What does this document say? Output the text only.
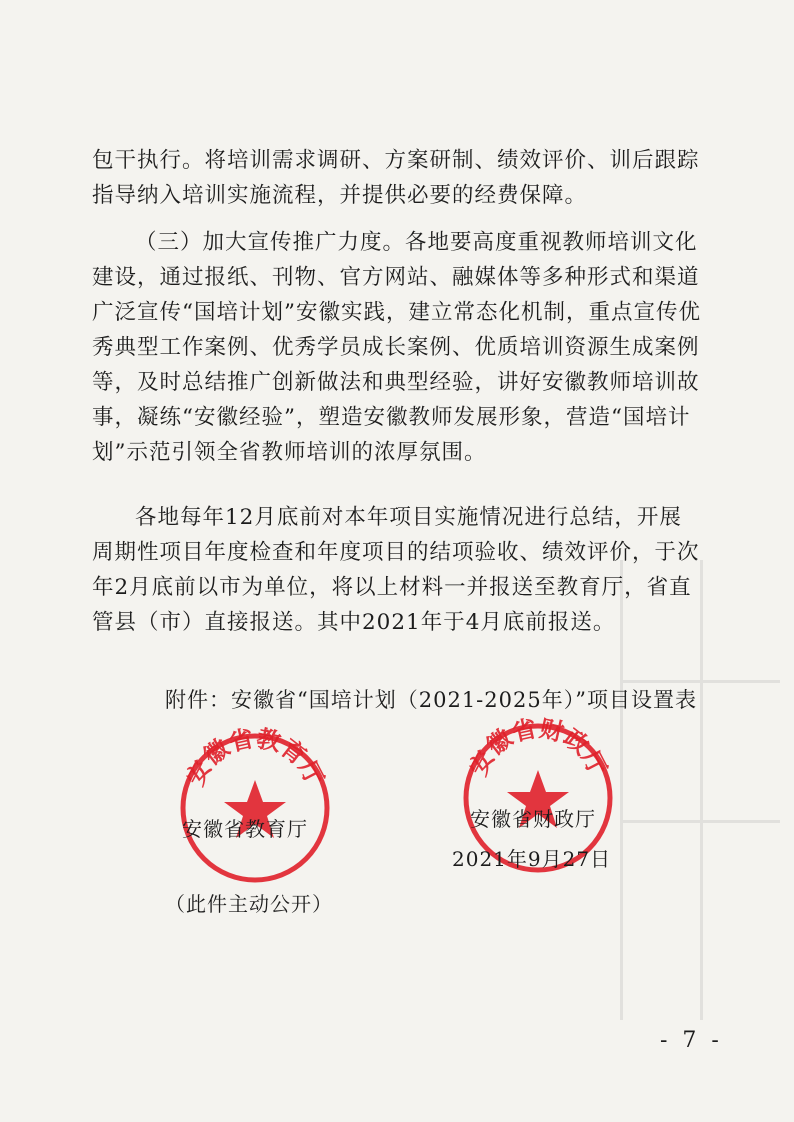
包干执行。将培训需求调研、方案研制、绩效评价、训后跟踪指导纳入培训实施流程，并提供必要的经费保障。

（三）加大宣传推广力度。各地要高度重视教师培训文化建设，通过报纸、刊物、官方网站、融媒体等多种形式和渠道广泛宣传“国培计划”安徽实践，建立常态化机制，重点宣传优秀典型工作案例、优秀学员成长案例、优质培训资源生成案例等，及时总结推广创新做法和典型经验，讲好安徽教师培训故事，凝练“安徽经验”，塑造安徽教师发展形象，营造“国培计划”示范引领全省教师培训的浓厚氛围。

各地每年12月底前对本年项目实施情况进行总结，开展周期性项目年度检查和年度项目的结项验收、绩效评价，于次年2月底前以市为单位，将以上材料一并报送至教育厅，省直管县（市）直接报送。其中2021年于4月底前报送。

附件：安徽省“国培计划（2021-2025年）”项目设置表
安徽省教育厅	安徽省财政厅
安徽省教育厅	安徽省财政厅
2021年9月27日
（此件主动公开）
- 7 -
